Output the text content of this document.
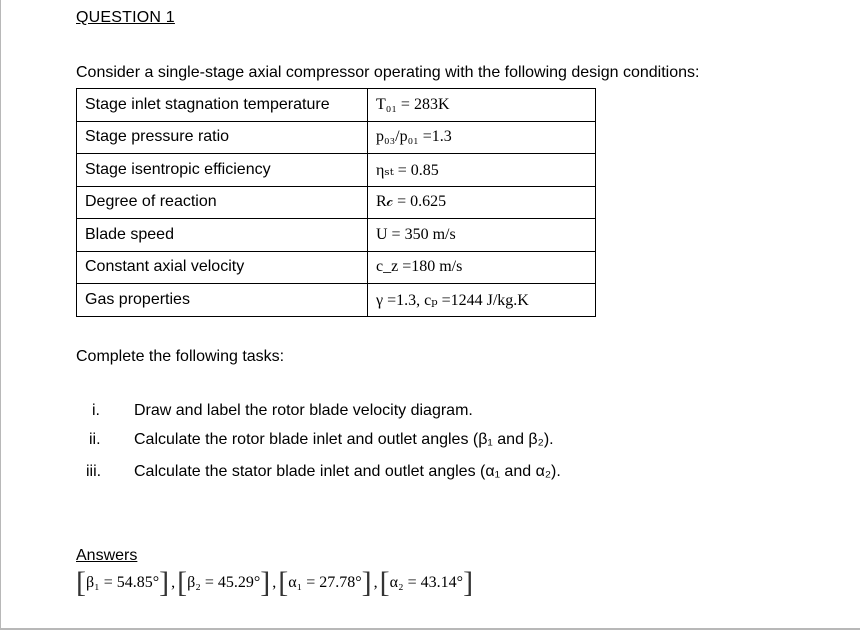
QUESTION 1
Consider a single-stage axial compressor operating with the following design conditions:
Stage inlet stagnation temperature	T₀₁ = 283K
Stage pressure ratio	p₀₃/p₀₁ =1.3
Stage isentropic efficiency	ηₛₜ = 0.85
Degree of reaction	R𝒸 = 0.625
Blade speed	U = 350 m/s
Constant axial velocity	c_z =180 m/s
Gas properties	γ =1.3, cₚ =1244 J/kg.K
Complete the following tasks:
i.	Draw and label the rotor blade velocity diagram.
ii.	Calculate the rotor blade inlet and outlet angles (β₁ and β₂).
iii.	Calculate the stator blade inlet and outlet angles (α₁ and α₂).
Answers
[ β₁ = 54.85° ] , [ β₂ = 45.29° ] , [ α₁ = 27.78° ] , [ α₂ = 43.14° ]
